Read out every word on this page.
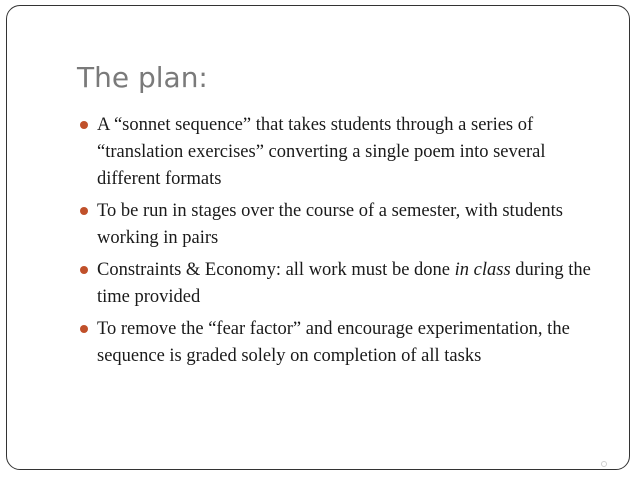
The plan:
A “sonnet sequence” that takes students through a series of “translation exercises” converting a single poem into several different formats
To be run in stages over the course of a semester, with students working in pairs
Constraints & Economy: all work must be done in class during the time provided
To remove the “fear factor” and encourage experimentation, the sequence is graded solely on completion of all tasks
